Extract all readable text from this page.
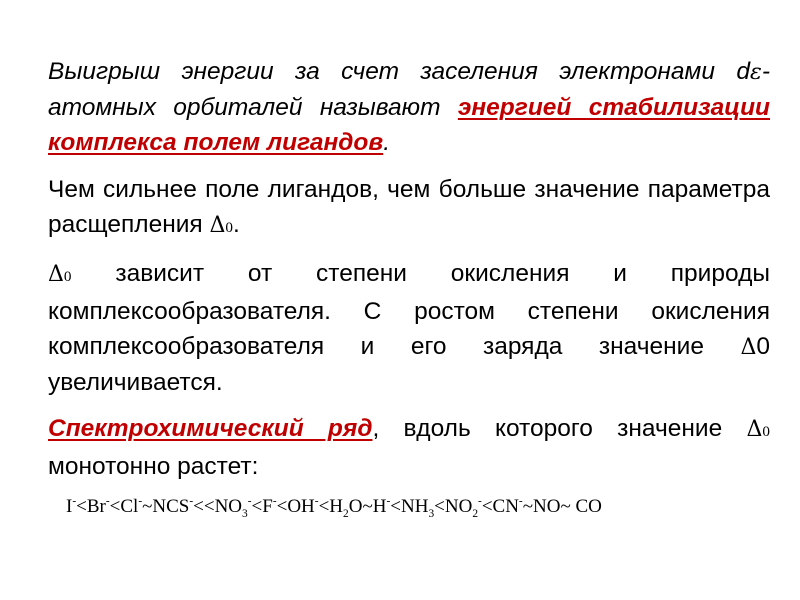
Выигрыш энергии за счет заселения электронами dε-атомных орбиталей называют энергией стабилизации комплекса полем лигандов.
Чем сильнее поле лигандов, чем больше значение параметра расщепления Δ0.
Δ0 зависит от степени окисления и природы комплексообразователя. С ростом степени окисления комплексообразователя и его заряда значение Δ0 увеличивается.
Спектрохимический ряд, вдоль которого значение Δ0 монотонно растет:
$I^-<Br^-<Cl^-\sim NCS^-<<NO_3^-<F^-<OH^-<H_2O\sim H^-<NH_3<NO_2^-<CN^-\sim NO\sim$ CO
